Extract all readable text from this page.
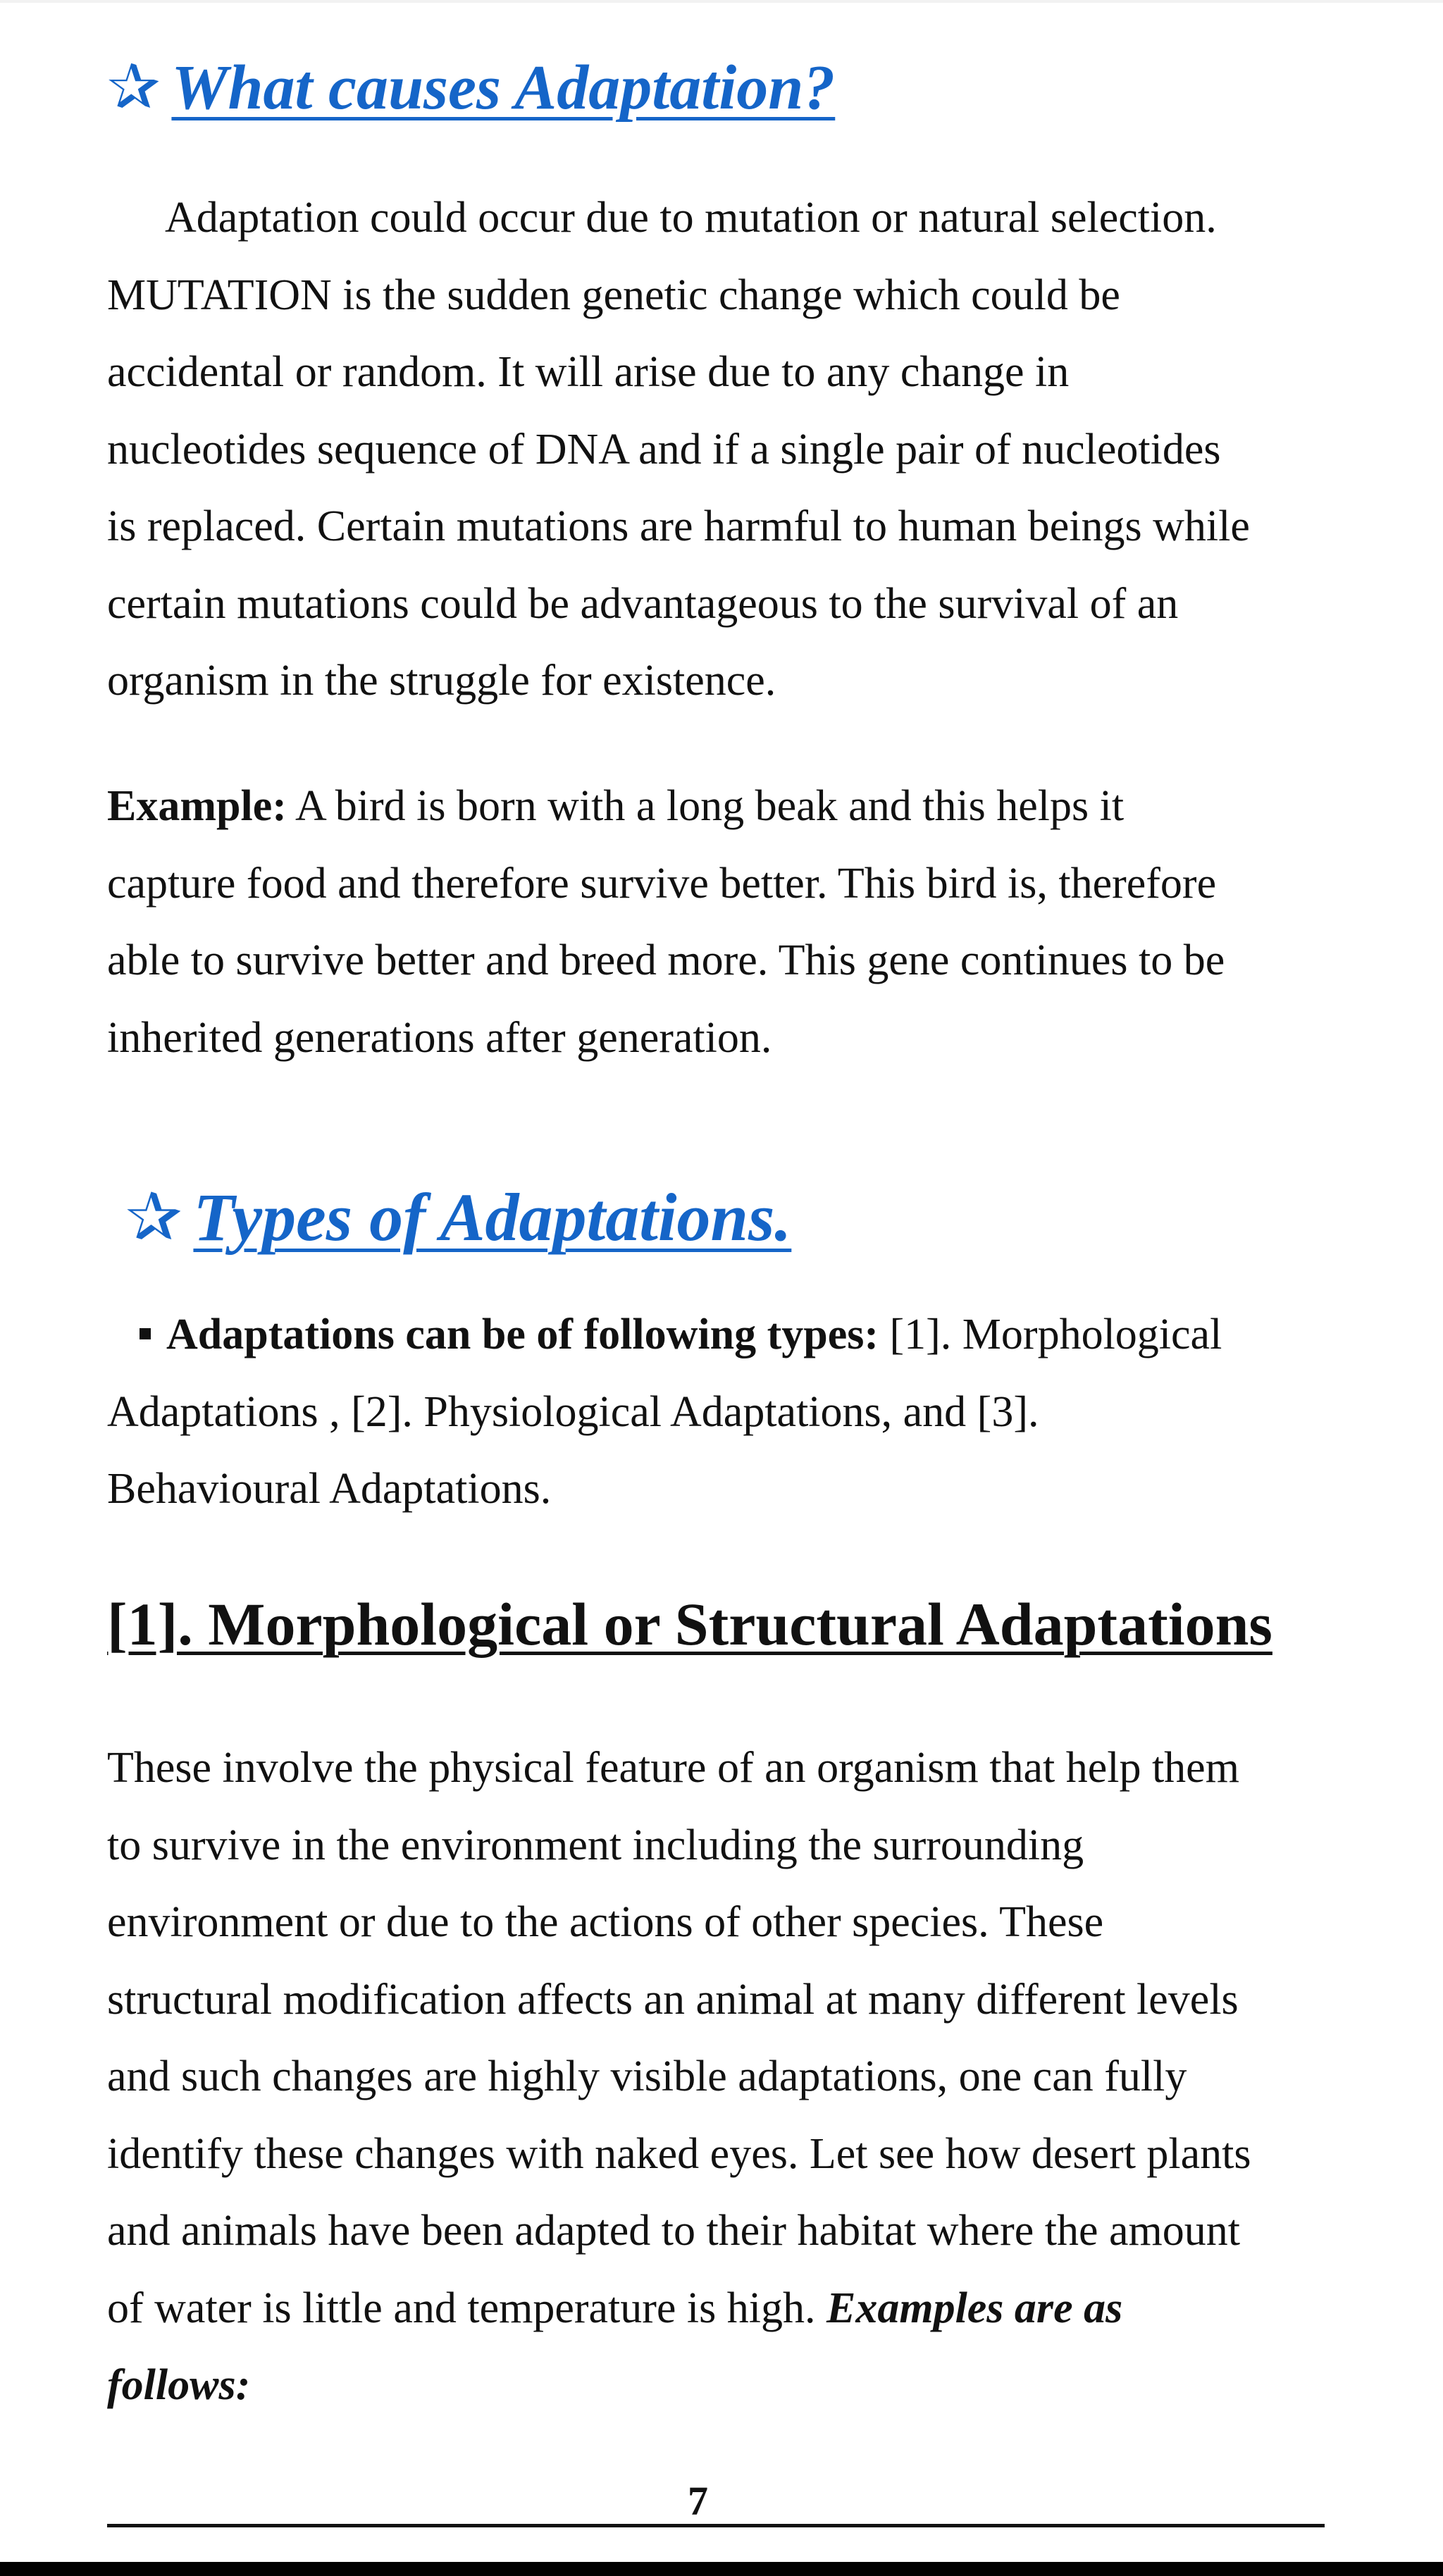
✰ What causes Adaptation?
Adaptation could occur due to mutation or natural selection.
MUTATION is the sudden genetic change which could be
accidental or random. It will arise due to any change in
nucleotides sequence of DNA and if a single pair of nucleotides
is replaced. Certain mutations are harmful to human beings while
certain mutations could be advantageous to the survival of an
organism in the struggle for existence.
Example: A bird is born with a long beak and this helps it
capture food and therefore survive better. This bird is, therefore
able to survive better and breed more. This gene continues to be
inherited generations after generation.
✰ Types of Adaptations.
Adaptations can be of following types: [1]. Morphological
Adaptations , [2]. Physiological Adaptations, and [3].
Behavioural Adaptations.
[1]. Morphological or Structural Adaptations
These involve the physical feature of an organism that help them
to survive in the environment including the surrounding
environment or due to the actions of other species. These
structural modification affects an animal at many different levels
and such changes are highly visible adaptations, one can fully
identify these changes with naked eyes. Let see how desert plants
and animals have been adapted to their habitat where the amount
of water is little and temperature is high. Examples are as
follows:
7
